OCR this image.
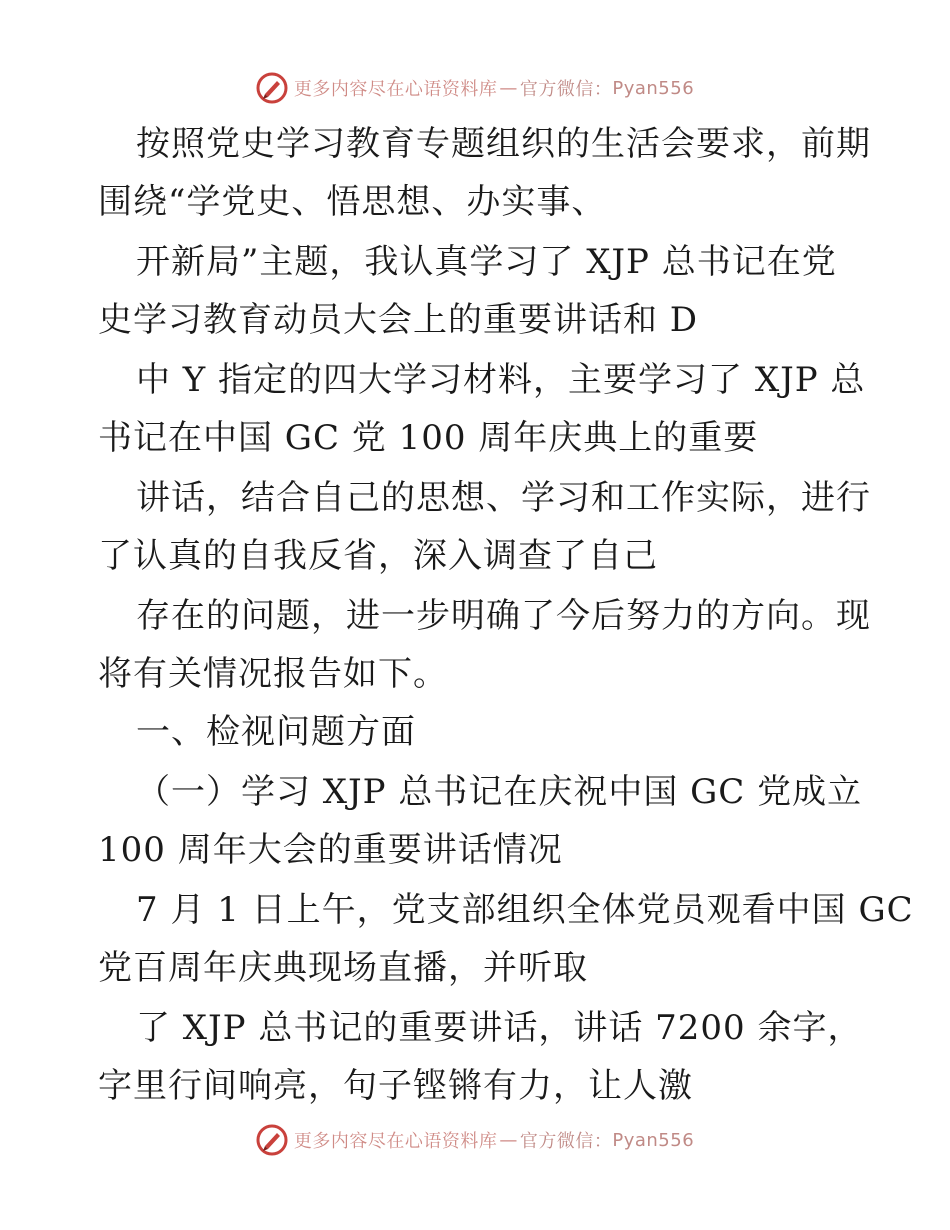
更多内容尽在心语资料库 — 官方微信： Pyan556
按照党史学习教育专题组织的生活会要求，前期
围绕“学党史、悟思想、办实事、
开新局”主题，我认真学习了 XJP 总书记在党
史学习教育动员大会上的重要讲话和 D
中 Y 指定的四大学习材料，主要学习了 XJP 总
书记在中国 GC 党 100 周年庆典上的重要
讲话，结合自己的思想、学习和工作实际，进行
了认真的自我反省，深入调查了自己
存在的问题，进一步明确了今后努力的方向。现
将有关情况报告如下。
一、检视问题方面
（一）学习 XJP 总书记在庆祝中国 GC 党成立
100 周年大会的重要讲话情况
7 月 1 日上午，党支部组织全体党员观看中国 GC
党百周年庆典现场直播，并听取
了 XJP 总书记的重要讲话，讲话 7200 余字，
字里行间响亮，句子铿锵有力，让人激
更多内容尽在心语资料库 — 官方微信： Pyan556
